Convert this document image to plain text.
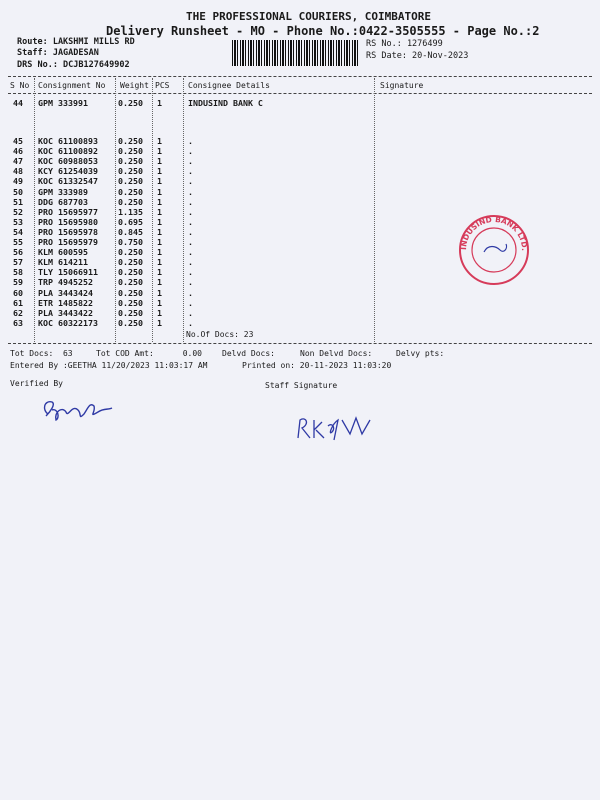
THE PROFESSIONAL COURIERS, COIMBATORE
Delivery Runsheet - MO - Phone No.:0422-3505555 - Page No.:2
Route: LAKSHMI MILLS RD
Staff: JAGADESAN
DRS No.: DCJB127649902
RS No.: 1276499
RS Date: 20-Nov-2023
S No Consignment No Weight PCS Consignee Details	Signature
44 GPM 333991	0.250 1	INDUSIND BANK C
45 KOC 61100893 0.250 1	.
46 KOC 61100892 0.250 1	.
47 KOC 60988053 0.250 1	.
48 KCY 61254039 0.250 1	.
49 KOC 61332547 0.250 1	.
50 GPM 333989	0.250 1	.
51 DDG 687703	0.250 1	.
52 PRO 15695977 1.135 1	.
53 PRO 15695980 0.695 1	.
54 PRO 15695978 0.845 1	.
55 PRO 15695979 0.750 1	.
56 KLM 600595	0.250 1	.
57 KLM 614211	0.250 1	.
58 TLY 15066911 0.250 1	.
59 TRP 4945252	0.250 1	.
60 PLA 3443424	0.250 1	.
61 ETR 1485822	0.250 1	.
62 PLA 3443422	0.250 1	.
63 KOC 60322173 0.250 1	.
No.Of Docs: 23
Tot Docs:  63	Tot COD Amt:      0.00	Delvd Docs:	Non Delvd Docs:	Delvy pts:
Entered By :GEETHA 11/20/2023 11:03:17 AM	Printed on: 20-11-2023 11:03:20
Verified By	Staff Signature
INDUSIND BANK LTD.
